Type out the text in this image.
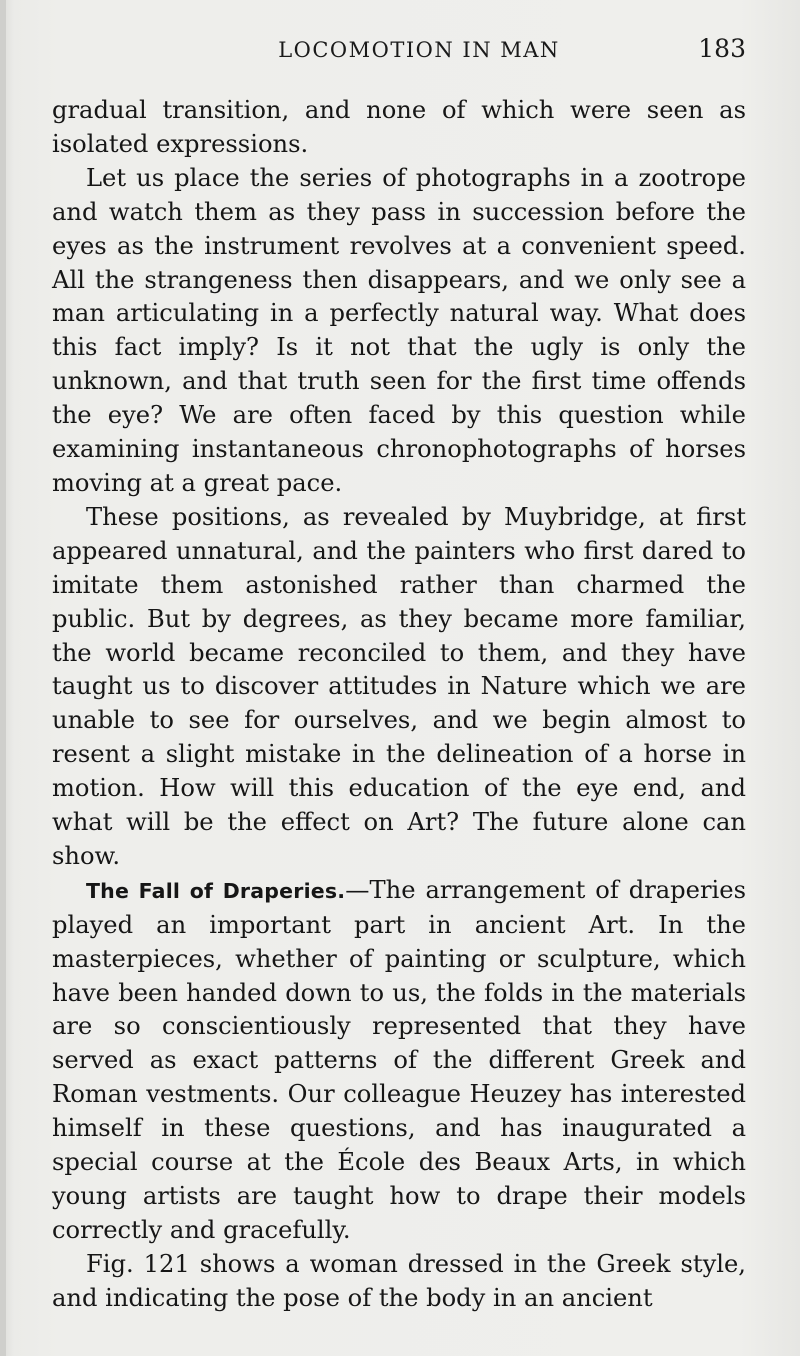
LOCOMOTION IN MAN	183

gradual transition, and none of which were seen as isolated expressions.

Let us place the series of photographs in a zootrope and watch them as they pass in succession before the eyes as the instrument revolves at a convenient speed. All the strangeness then disappears, and we only see a man articulating in a perfectly natural way. What does this fact imply? Is it not that the ugly is only the unknown, and that truth seen for the first time offends the eye? We are often faced by this question while examining instantaneous chronophotographs of horses moving at a great pace.

These positions, as revealed by Muybridge, at first appeared unnatural, and the painters who first dared to imitate them astonished rather than charmed the public. But by degrees, as they became more familiar, the world became reconciled to them, and they have taught us to discover attitudes in Nature which we are unable to see for ourselves, and we begin almost to resent a slight mistake in the delineation of a horse in motion. How will this education of the eye end, and what will be the effect on Art? The future alone can show.

The Fall of Draperies.—The arrangement of draperies played an important part in ancient Art. In the masterpieces, whether of painting or sculpture, which have been handed down to us, the folds in the materials are so conscientiously represented that they have served as exact patterns of the different Greek and Roman vestments. Our colleague Heuzey has interested himself in these questions, and has inaugurated a special course at the École des Beaux Arts, in which young artists are taught how to drape their models correctly and gracefully.

Fig. 121 shows a woman dressed in the Greek style, and indicating the pose of the body in an ancient
